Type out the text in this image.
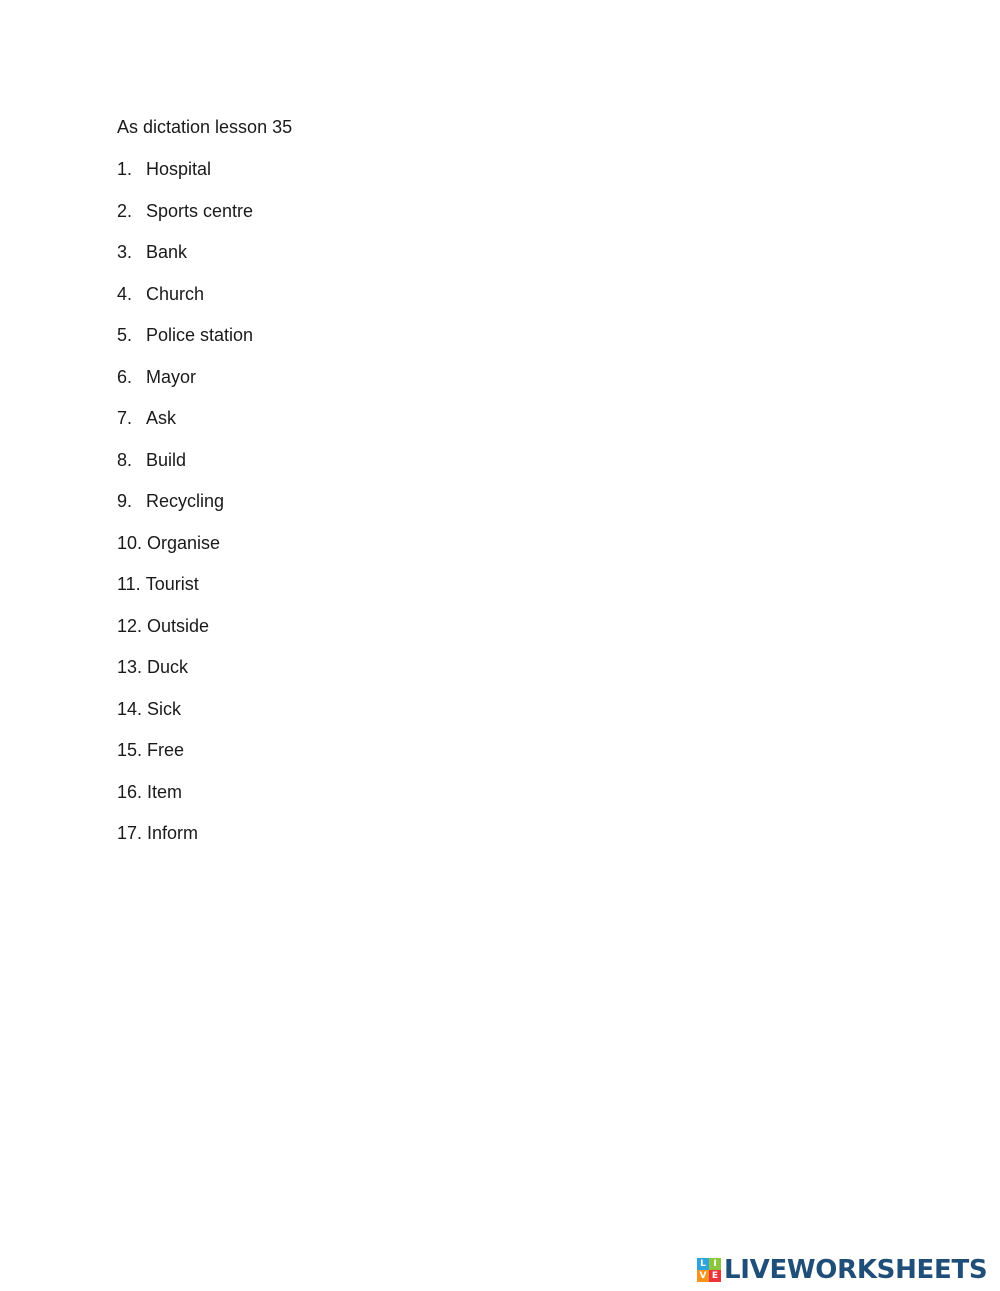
As dictation lesson 35
1. Hospital
2. Sports centre
3. Bank
4. Church
5. Police station
6. Mayor
7. Ask
8. Build
9. Recycling
10. Organise
11. Tourist
12. Outside
13. Duck
14. Sick
15. Free
16. Item
17. Inform
L I
V E LIVEWORKSHEETS
